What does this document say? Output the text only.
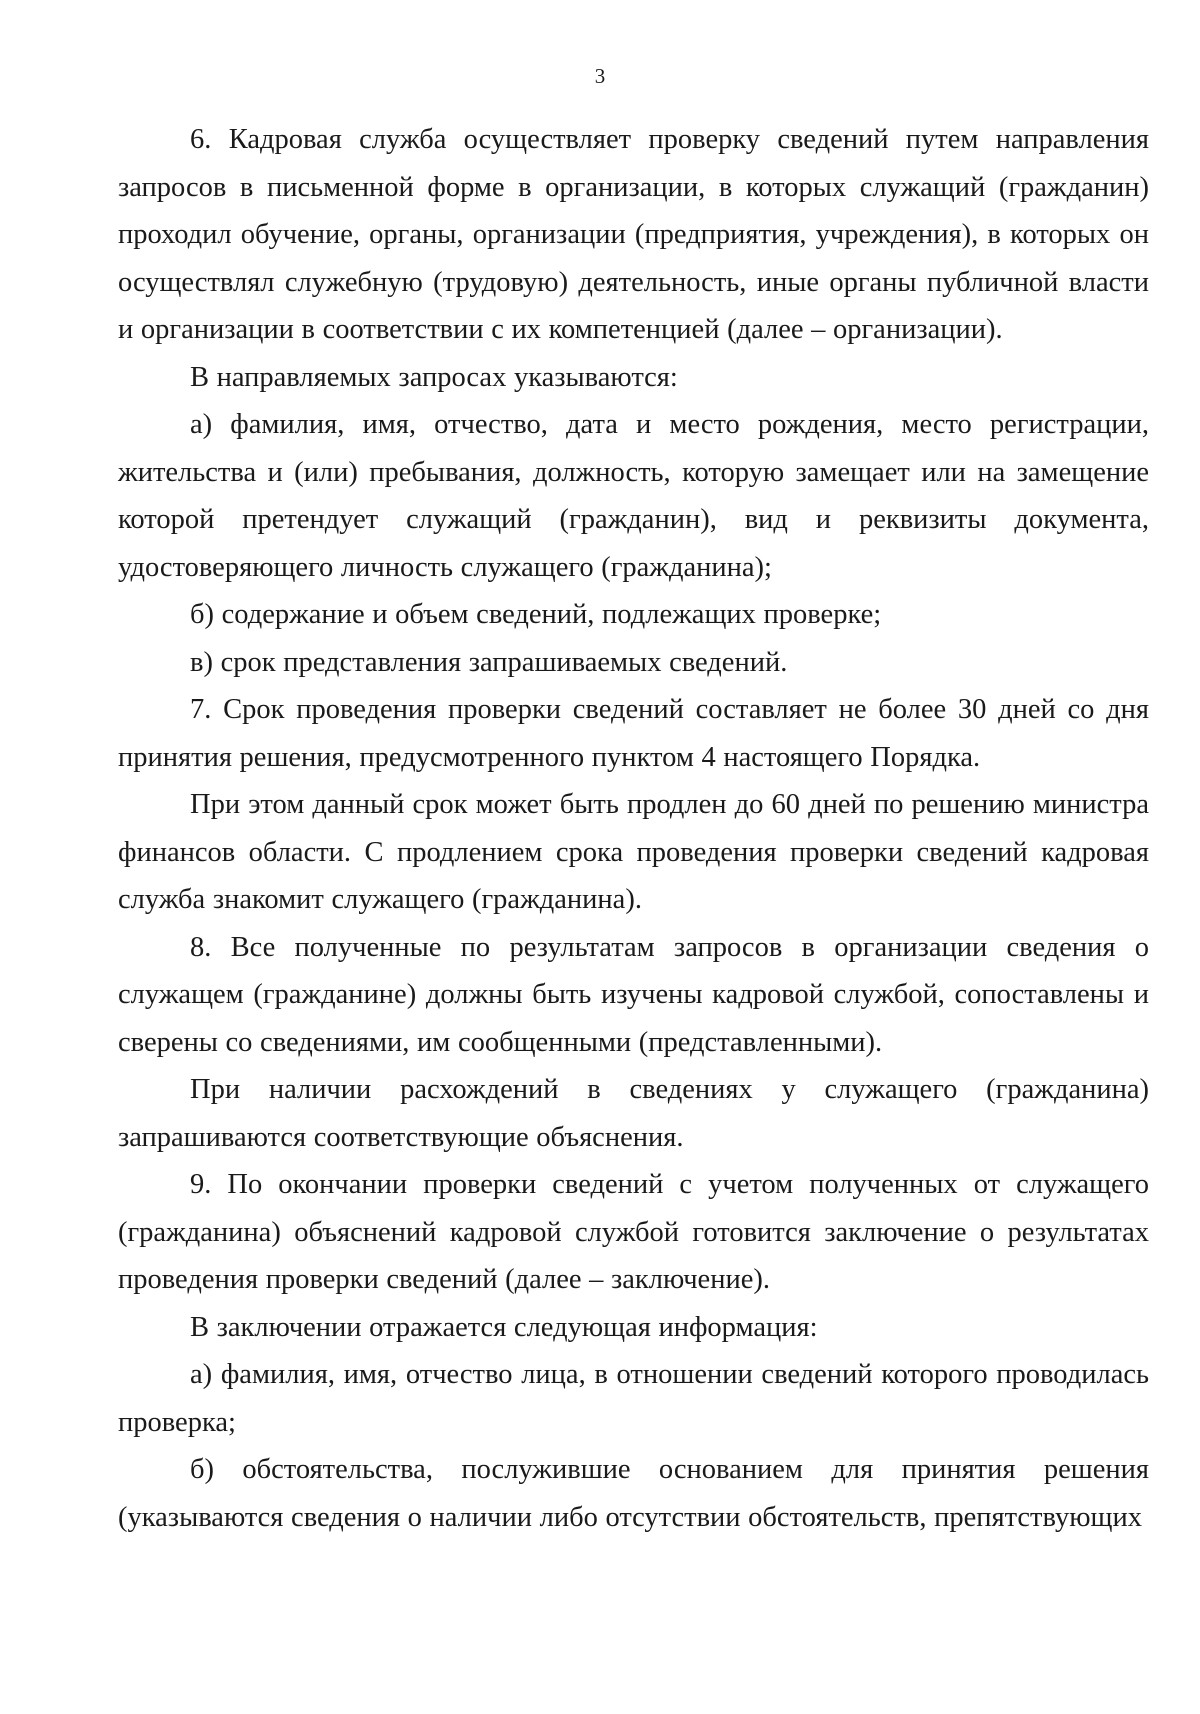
3

6. Кадровая служба осуществляет проверку сведений путем направления запросов в письменной форме в организации, в которых служащий (гражданин) проходил обучение, органы, организации (предприятия, учреждения), в которых он осуществлял служебную (трудовую) деятельность, иные органы публичной власти и организации в соответствии с их компетенцией (далее – организации).

В направляемых запросах указываются:

а) фамилия, имя, отчество, дата и место рождения, место регистрации, жительства и (или) пребывания, должность, которую замещает или на замещение которой претендует служащий (гражданин), вид и реквизиты документа, удостоверяющего личность служащего (гражданина);

б) содержание и объем сведений, подлежащих проверке;

в) срок представления запрашиваемых сведений.

7. Срок проведения проверки сведений составляет не более 30 дней со дня принятия решения, предусмотренного пунктом 4 настоящего Порядка.

При этом данный срок может быть продлен до 60 дней по решению министра финансов области. С продлением срока проведения проверки сведений кадровая служба знакомит служащего (гражданина).

8. Все полученные по результатам запросов в организации сведения о служащем (гражданине) должны быть изучены кадровой службой, сопоставлены и сверены со сведениями, им сообщенными (представленными).

При наличии расхождений в сведениях у служащего (гражданина) запрашиваются соответствующие объяснения.

9. По окончании проверки сведений с учетом полученных от служащего (гражданина) объяснений кадровой службой готовится заключение о результатах проведения проверки сведений (далее – заключение).

В заключении отражается следующая информация:

а) фамилия, имя, отчество лица, в отношении сведений которого проводилась проверка;

б) обстоятельства, послужившие основанием для принятия решения (указываются сведения о наличии либо отсутствии обстоятельств, препятствующих
